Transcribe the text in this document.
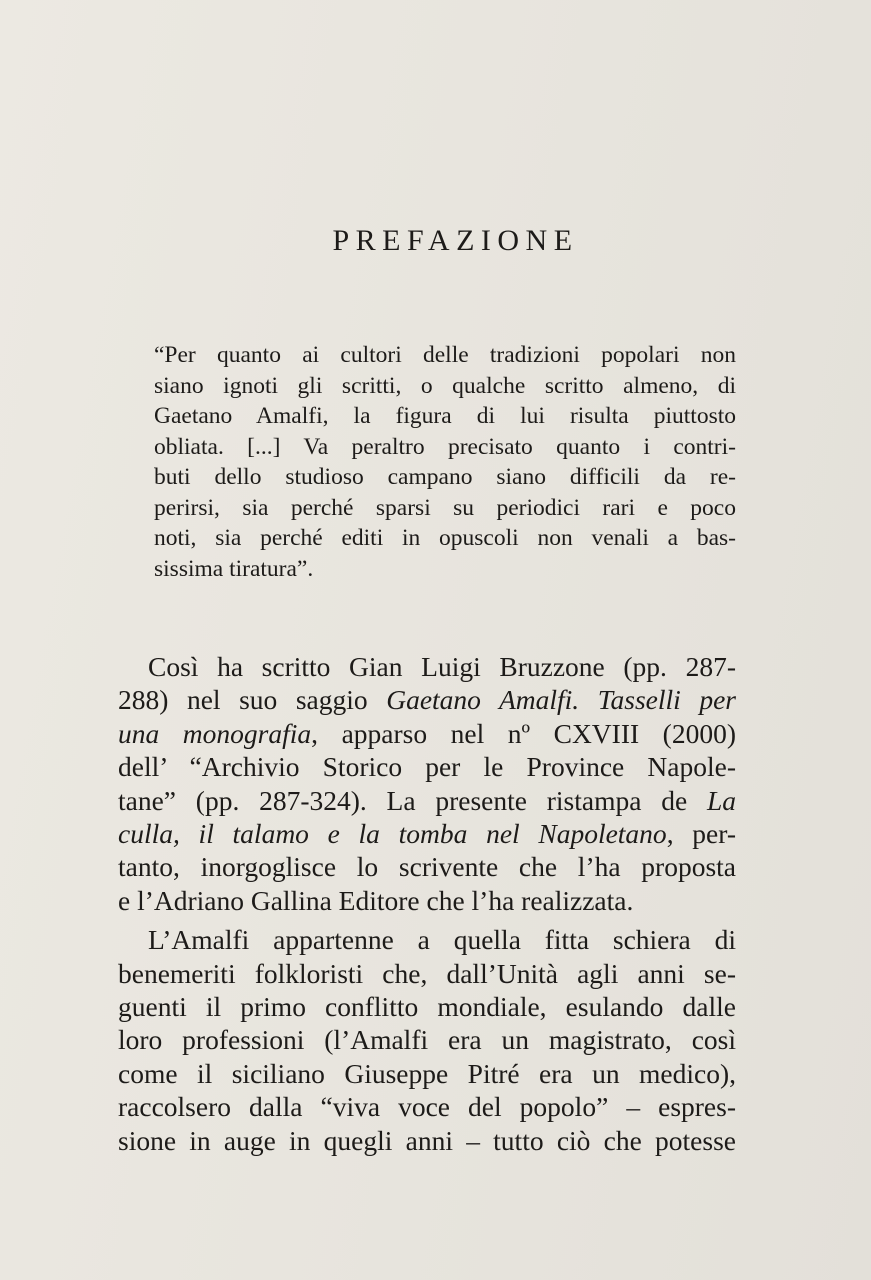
PREFAZIONE
“Per quanto ai cultori delle tradizioni popolari non
siano ignoti gli scritti, o qualche scritto almeno, di
Gaetano Amalfi, la figura di lui risulta piuttosto
obliata. [...] Va peraltro precisato quanto i contri-
buti dello studioso campano siano difficili da re-
perirsi, sia perché sparsi su periodici rari e poco
noti, sia perché editi in opuscoli non venali a bas-
sissima tiratura”.
Così ha scritto Gian Luigi Bruzzone (pp. 287-
288) nel suo saggio Gaetano Amalfi. Tasselli per
una monografia, apparso nel nº CXVIII (2000)
dell’ “Archivio Storico per le Province Napole-
tane” (pp. 287-324). La presente ristampa de La
culla, il talamo e la tomba nel Napoletano, per-
tanto, inorgoglisce lo scrivente che l’ha proposta
e l’Adriano Gallina Editore che l’ha realizzata.
L’Amalfi appartenne a quella fitta schiera di
benemeriti folkloristi che, dall’Unità agli anni se-
guenti il primo conflitto mondiale, esulando dalle
loro professioni (l’Amalfi era un magistrato, così
come il siciliano Giuseppe Pitré era un medico),
raccolsero dalla “viva voce del popolo” – espres-
sione in auge in quegli anni – tutto ciò che potesse
